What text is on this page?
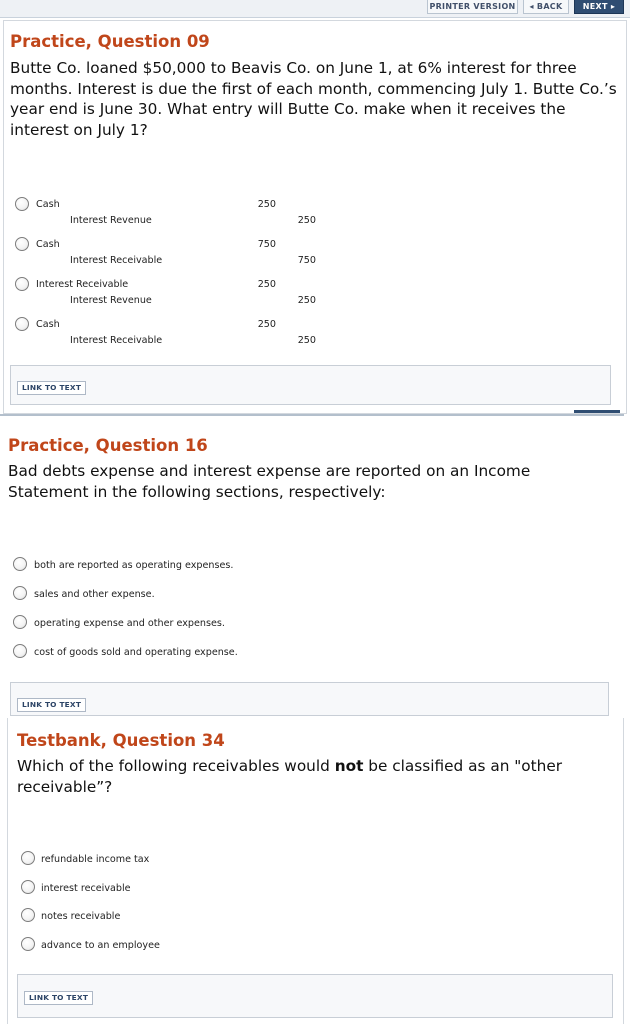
PRINTER VERSION	◂ BACK	NEXT ▸
Practice, Question 09
Butte Co. loaned $50,000 to Beavis Co. on June 1, at 6% interest for three months. Interest is due the first of each month, commencing July 1. Butte Co.’s year end is June 30. What entry will Butte Co. make when it receives the interest on July 1?
Cash	250
Interest Revenue	250
Cash	750
Interest Receivable	750
Interest Receivable	250
Interest Revenue	250
Cash	250
Interest Receivable	250
LINK TO TEXT
Practice, Question 16
Bad debts expense and interest expense are reported on an Income Statement in the following sections, respectively:
both are reported as operating expenses.
sales and other expense.
operating expense and other expenses.
cost of goods sold and operating expense.
LINK TO TEXT
Testbank, Question 34
Which of the following receivables would not be classified as an "other receivable”?
refundable income tax
interest receivable
notes receivable
advance to an employee
LINK TO TEXT
